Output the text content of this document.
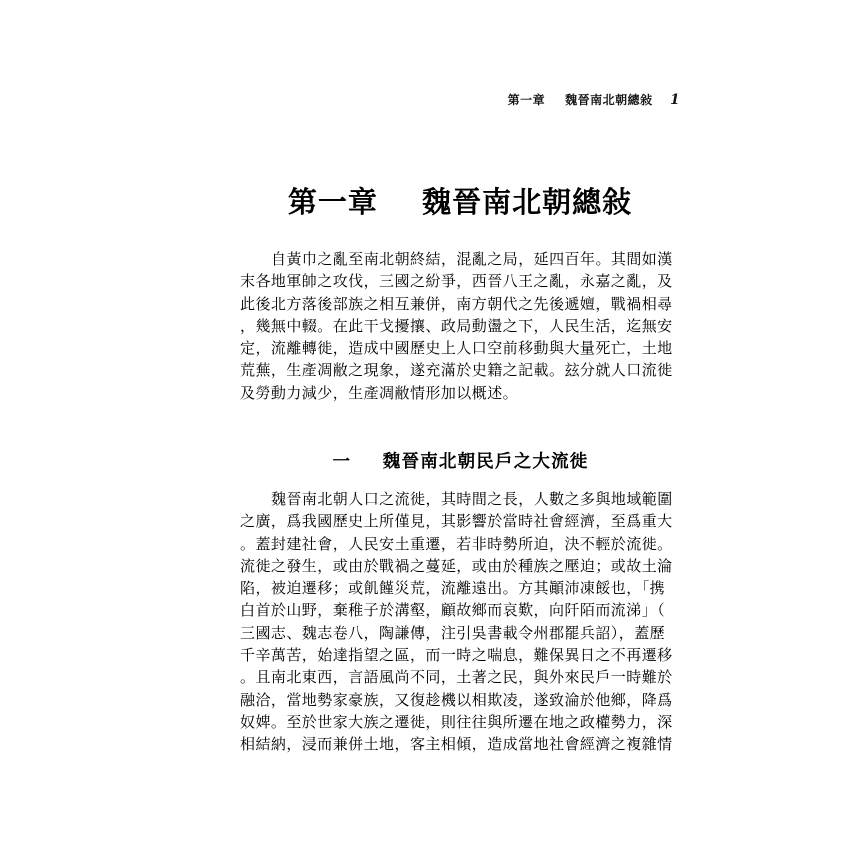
第一章 魏晉南北朝總敍 1
第一章 魏晉南北朝總敍
自黃巾之亂至南北朝終結，混亂之局，延四百年。其間如漢
末各地軍帥之攻伐，三國之紛爭，西晉八王之亂，永嘉之亂，及
此後北方落後部族之相互兼併，南方朝代之先後遞嬗，戰禍相尋
，幾無中輟。在此干戈擾攘、政局動盪之下，人民生活，迄無安
定，流離轉徙，造成中國歷史上人口空前移動與大量死亡，土地
荒蕪，生產凋敝之現象，遂充滿於史籍之記載。玆分就人口流徙
及勞動力減少，生產凋敝情形加以概述。
一 魏晉南北朝民戶之大流徙
魏晉南北朝人口之流徙，其時間之長，人數之多與地域範圍
之廣，爲我國歷史上所僅見，其影響於當時社會經濟，至爲重大
。蓋封建社會，人民安土重遷，若非時勢所迫，決不輕於流徙。
流徙之發生，或由於戰禍之蔓延，或由於種族之壓迫；或故土淪
陷，被迫遷移；或飢饉災荒，流離遠出。方其顚沛凍餒也，「携
白首於山野，棄稚子於溝壑，顧故鄉而哀歎，向阡陌而流涕」（
三國志、魏志卷八，陶謙傳，注引吳書載令州郡罷兵詔），蓋歷
千辛萬苦，始達指望之區，而一時之喘息，難保異日之不再遷移
。且南北東西，言語風尚不同，土著之民，與外來民戶一時難於
融洽，當地勢家豪族，又復趁機以相欺凌，遂致淪於他鄉，降爲
奴婢。至於世家大族之遷徙，則往往與所遷在地之政權勢力，深
相結納，浸而兼併土地，客主相傾，造成當地社會經濟之複雜情
